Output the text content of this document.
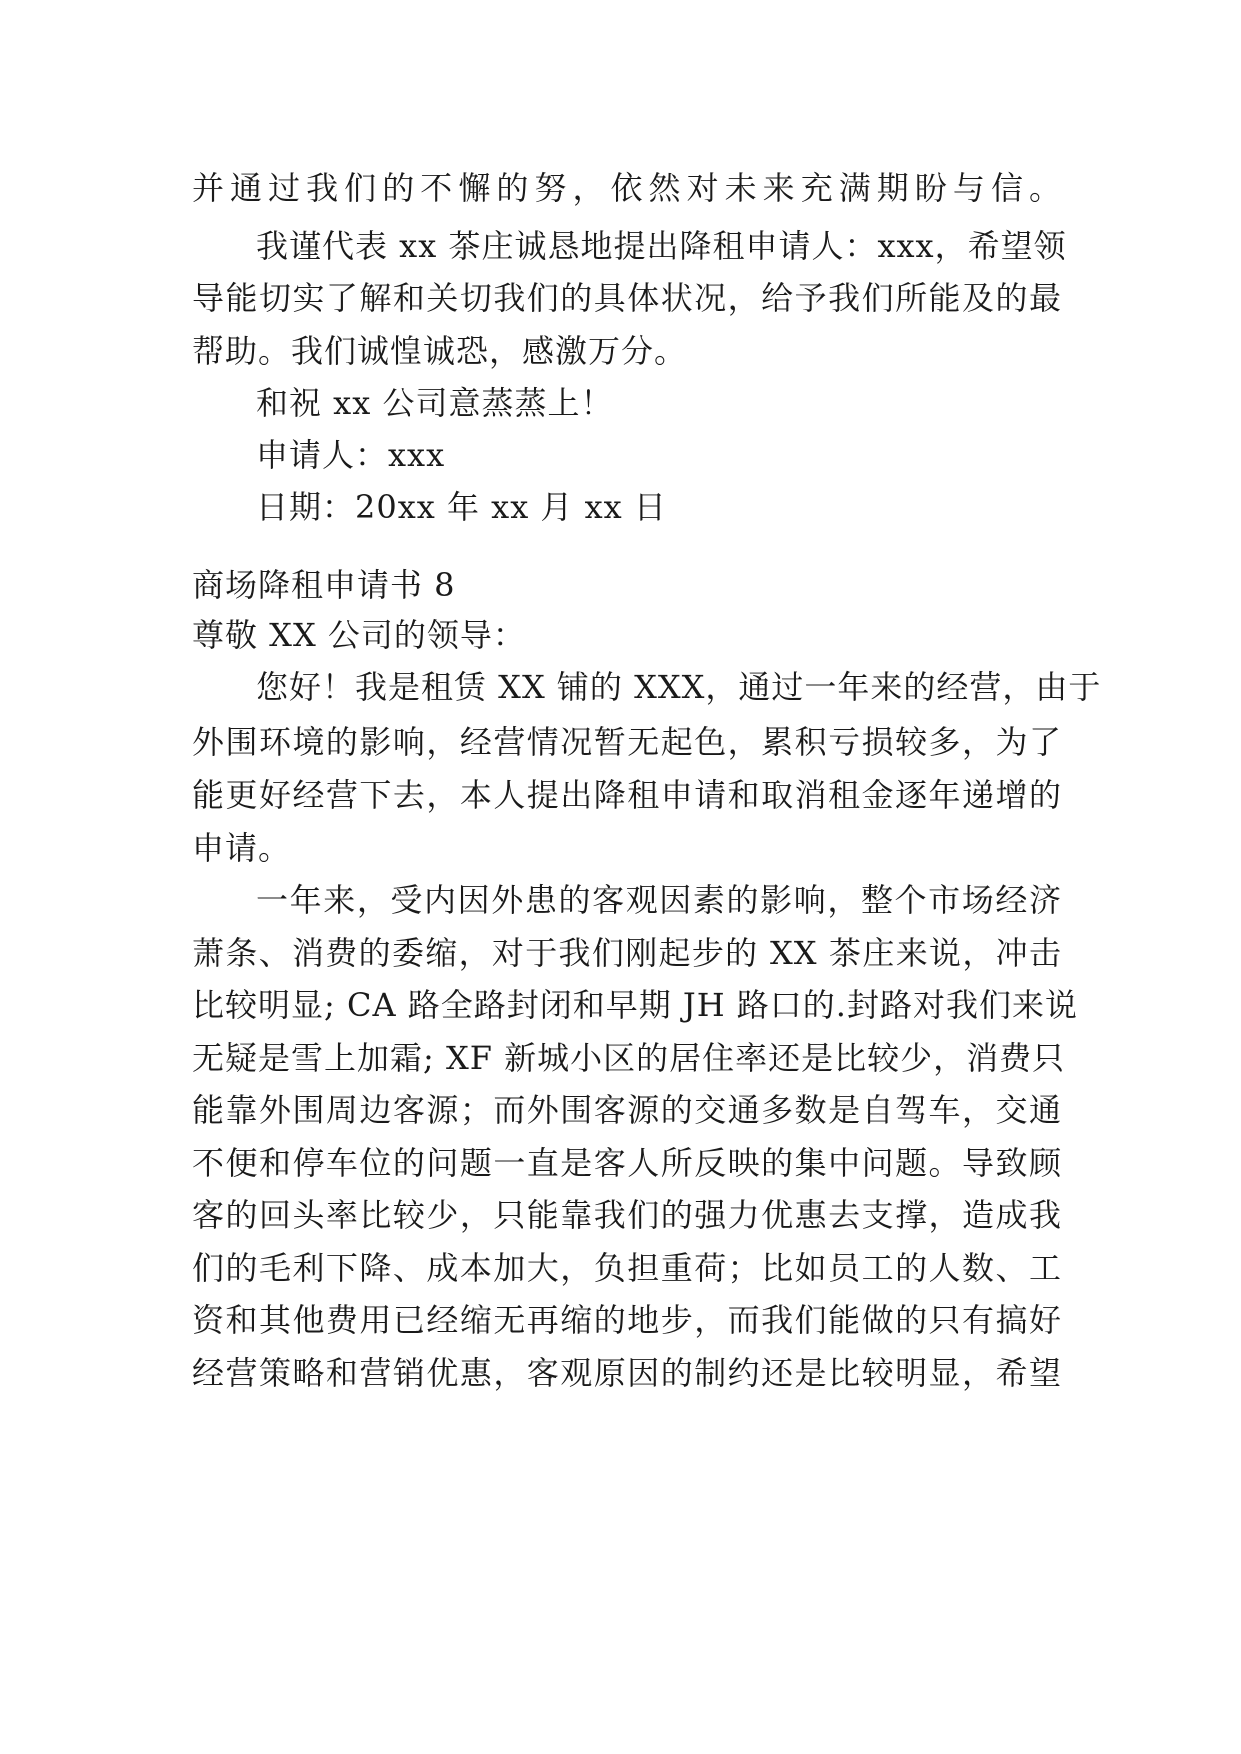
并通过我们的不懈的努，依然对未来充满期盼与信。
我谨代表 xx 茶庄诚恳地提出降租申请人：xxx，希望领
导能切实了解和关切我们的具体状况，给予我们所能及的最
帮助。我们诚惶诚恐，感激万分。
和祝 xx 公司意蒸蒸上！
申请人：xxx
日期：20xx 年 xx 月 xx 日
商场降租申请书 8
尊敬 XX 公司的领导：
您好！我是租赁 XX 铺的 XXX，通过一年来的经营，由于
外围环境的影响，经营情况暂无起色，累积亏损较多，为了
能更好经营下去，本人提出降租申请和取消租金逐年递增的
申请。
一年来，受内因外患的客观因素的影响，整个市场经济
萧条、消费的委缩，对于我们刚起步的 XX 茶庄来说，冲击
比较明显; CA 路全路封闭和早期 JH 路口的.封路对我们来说
无疑是雪上加霜; XF 新城小区的居住率还是比较少，消费只
能靠外围周边客源；而外围客源的交通多数是自驾车，交通
不便和停车位的问题一直是客人所反映的集中问题。导致顾
客的回头率比较少，只能靠我们的强力优惠去支撑，造成我
们的毛利下降、成本加大，负担重荷；比如员工的人数、工
资和其他费用已经缩无再缩的地步，而我们能做的只有搞好
经营策略和营销优惠，客观原因的制约还是比较明显，希望
